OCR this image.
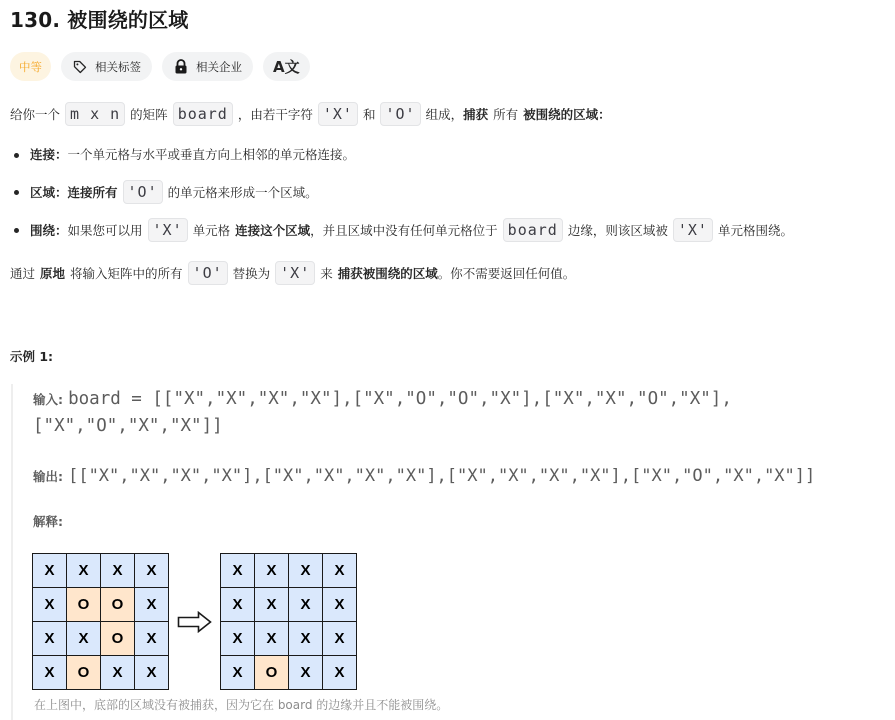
130. 被围绕的区域
中等	相关标签	相关企业 A文
给你一个 m x n 的矩阵 board ，由若干字符 'X' 和 'O' 组成， 捕获 所有 被围绕的区域 ：
连接： 一个单元格与水平或垂直方向上相邻的单元格连接。
区域： 连接所有 'O' 的单元格来形成一个区域。
围绕： 如果您可以用 'X' 单元格 连接这个区域 ，并且区域中没有任何单元格位于 board 边缘，则该区域被 'X' 单元格围绕。
通过 原地 将输入矩阵中的所有 'O' 替换为 'X' 来 捕获被围绕的区域 。你不需要返回任何值。
示例 1:
输入: board = [["X","X","X","X"],["X","O","O","X"],["X","X","O","X"],
["X","O","X","X"]]
输出: [["X","X","X","X"],["X","X","X","X"],["X","X","X","X"],["X","O","X","X"]]
解释:
X	X	X	X
X	O	O	X
X	X	O	X
X	O	X	X
X	X	X	X
X	X	X	X
X	X	X	X
X	O	X	X
在上图中，底部的区域没有被捕获，因为它在 board 的边缘并且不能被围绕。
